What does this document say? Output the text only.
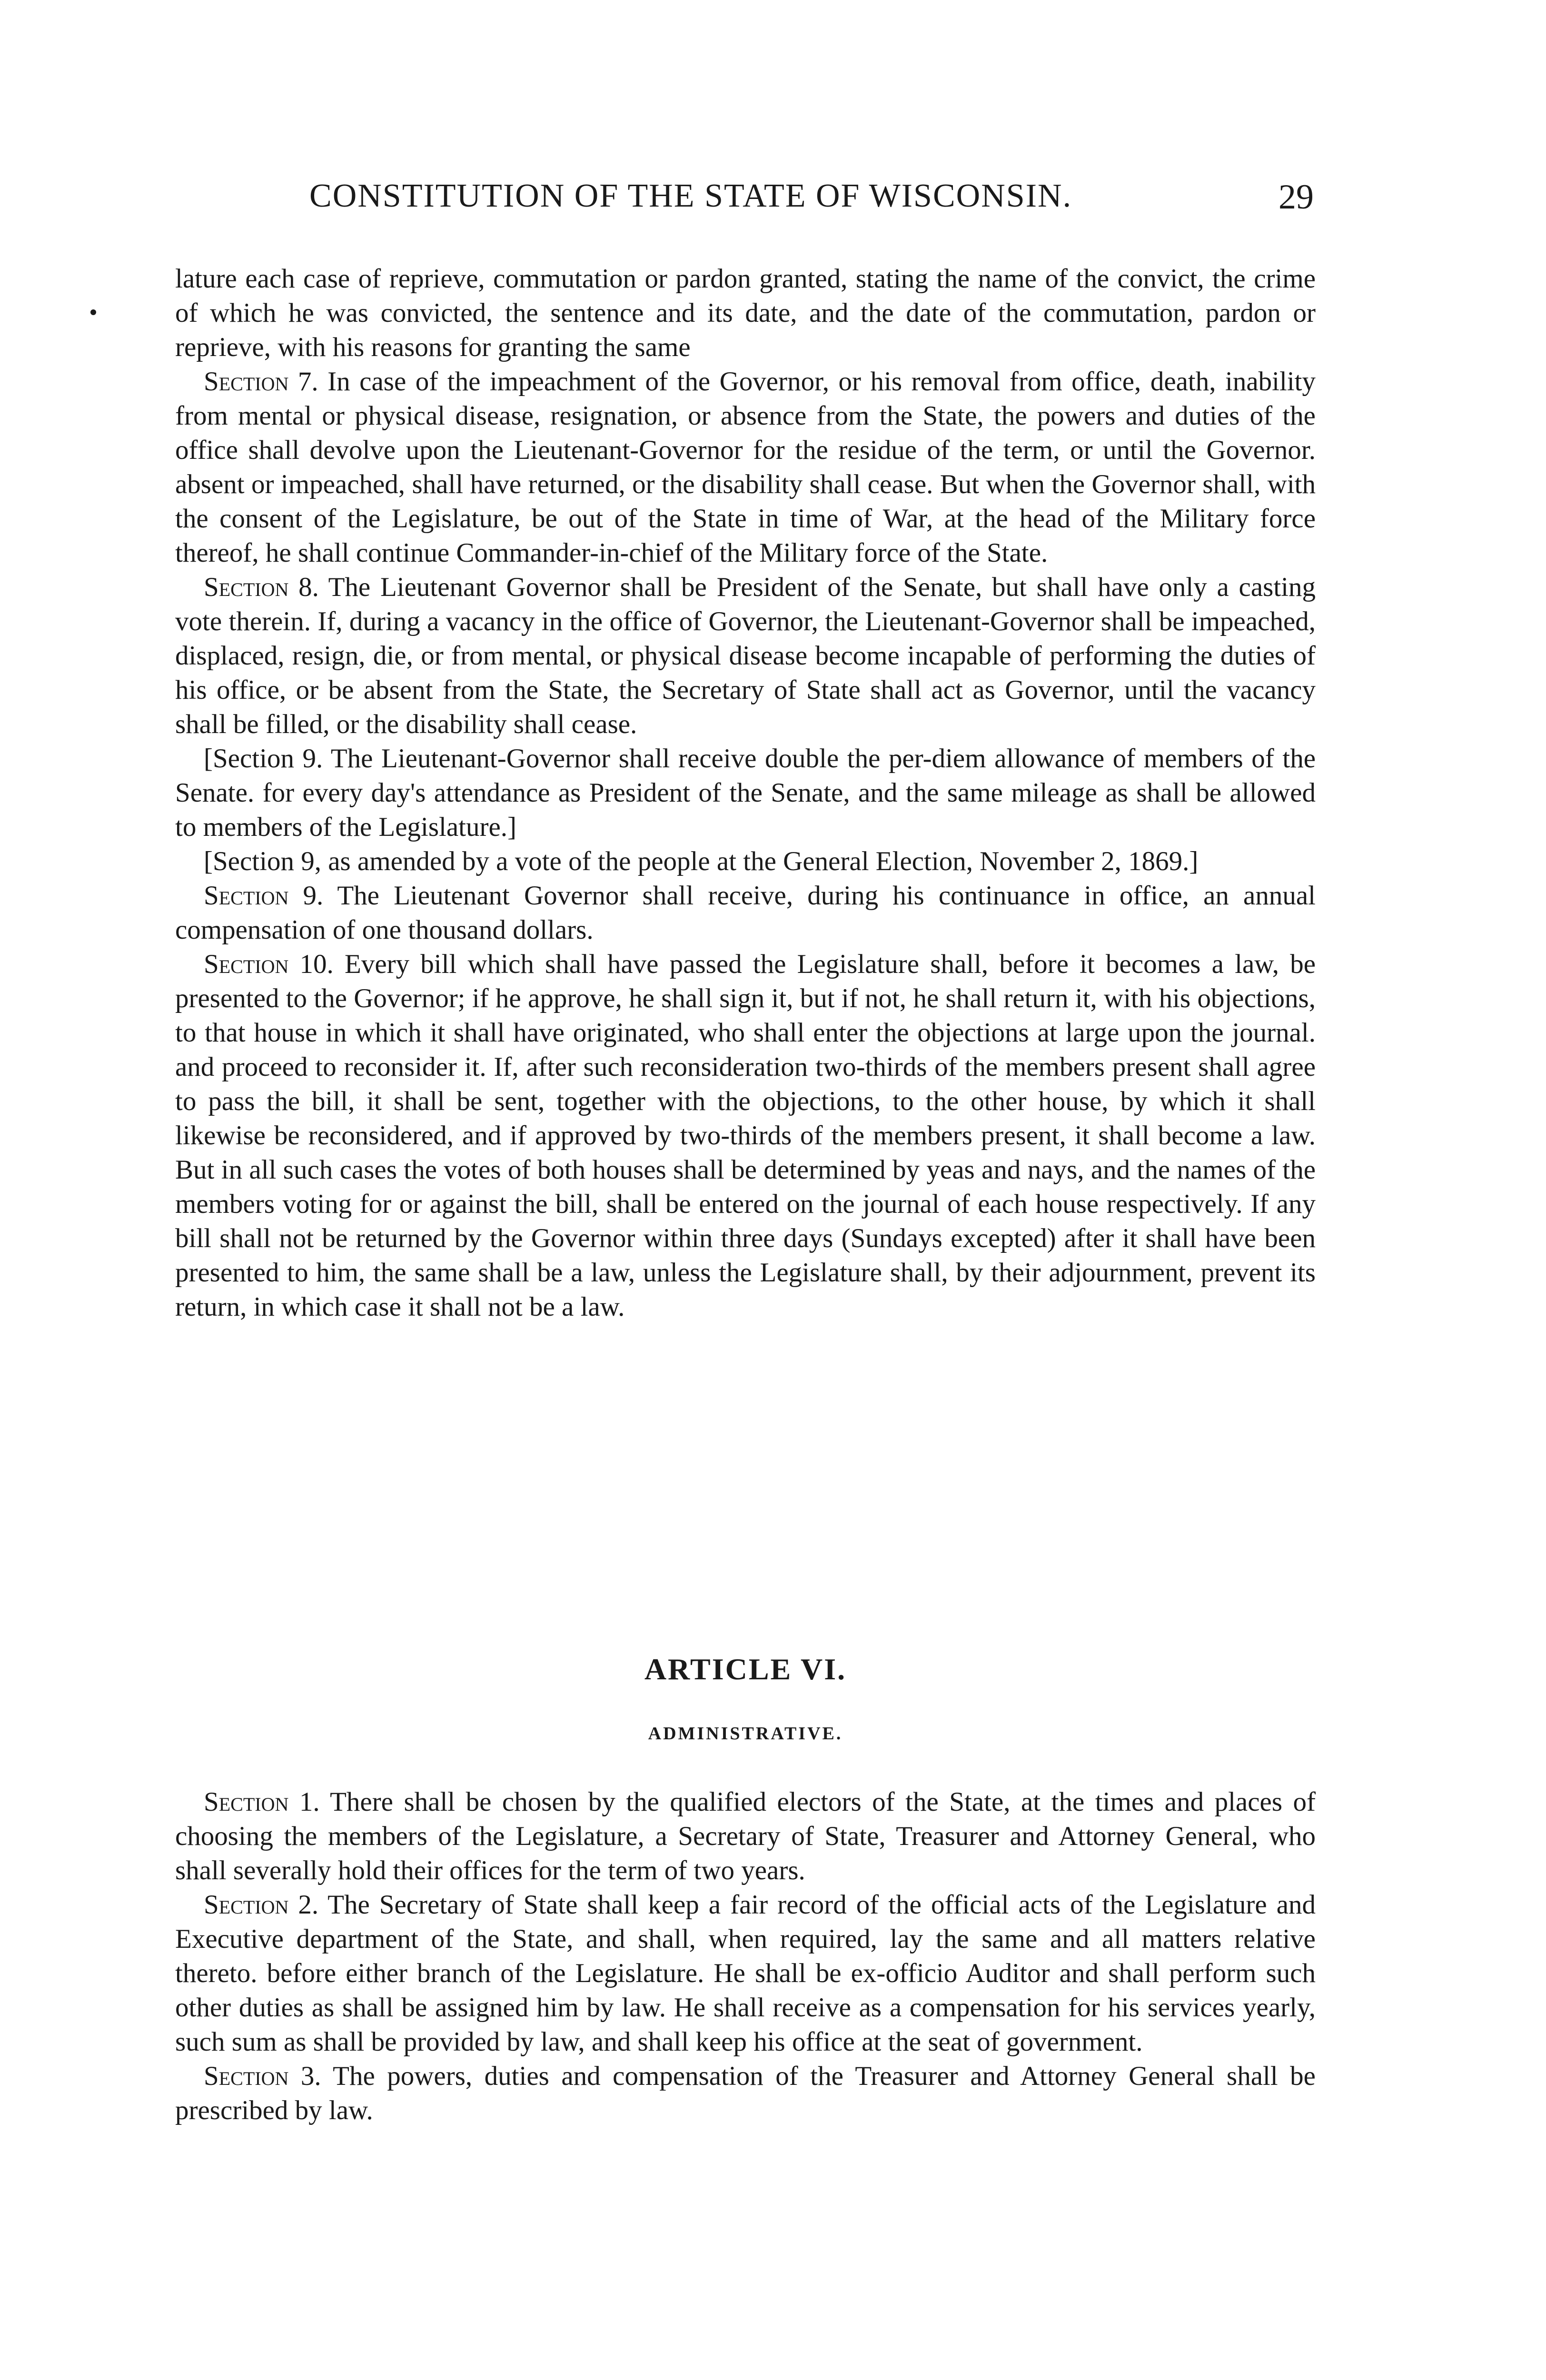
CONSTITUTION OF THE STATE OF WISCONSIN.	29

lature each case of reprieve, commutation or pardon granted, stating the name of the convict, the crime of which he was convicted, the sentence and its date, and the date of the commutation, pardon or reprieve, with his reasons for granting the same

Section 7. In case of the impeachment of the Governor, or his removal from office, death, inability from mental or physical disease, resignation, or absence from the State, the powers and duties of the office shall devolve upon the Lieutenant-Governor for the residue of the term, or until the Governor. absent or impeached, shall have returned, or the disability shall cease. But when the Governor shall, with the consent of the Legislature, be out of the State in time of War, at the head of the Military force thereof, he shall continue Commander-in-chief of the Military force of the State.

Section 8. The Lieutenant Governor shall be President of the Senate, but shall have only a casting vote therein. If, during a vacancy in the office of Governor, the Lieutenant-Governor shall be impeached, displaced, resign, die, or from mental, or physical disease become incapable of performing the duties of his office, or be absent from the State, the Secretary of State shall act as Governor, until the vacancy shall be filled, or the disability shall cease.

[Section 9. The Lieutenant-Governor shall receive double the per-diem allowance of members of the Senate. for every day's attendance as President of the Senate, and the same mileage as shall be allowed to members of the Legislature.]

[Section 9, as amended by a vote of the people at the General Election, November 2, 1869.]

Section 9. The Lieutenant Governor shall receive, during his continuance in office, an annual compensation of one thousand dollars.

Section 10. Every bill which shall have passed the Legislature shall, before it becomes a law, be presented to the Governor; if he approve, he shall sign it, but if not, he shall return it, with his objections, to that house in which it shall have originated, who shall enter the objections at large upon the journal. and proceed to reconsider it. If, after such reconsideration two-thirds of the members present shall agree to pass the bill, it shall be sent, together with the objections, to the other house, by which it shall likewise be reconsidered, and if approved by two-thirds of the members present, it shall become a law. But in all such cases the votes of both houses shall be determined by yeas and nays, and the names of the members voting for or against the bill, shall be entered on the journal of each house respectively. If any bill shall not be returned by the Governor within three days (Sundays excepted) after it shall have been presented to him, the same shall be a law, unless the Legislature shall, by their adjournment, prevent its return, in which case it shall not be a law.

ARTICLE VI.
ADMINISTRATIVE.

Section 1. There shall be chosen by the qualified electors of the State, at the times and places of choosing the members of the Legislature, a Secretary of State, Treasurer and Attorney General, who shall severally hold their offices for the term of two years.

Section 2. The Secretary of State shall keep a fair record of the official acts of the Legislature and Executive department of the State, and shall, when required, lay the same and all matters relative thereto. before either branch of the Legislature. He shall be ex-officio Auditor and shall perform such other duties as shall be assigned him by law. He shall receive as a compensation for his services yearly, such sum as shall be provided by law, and shall keep his office at the seat of government.

Section 3. The powers, duties and compensation of the Treasurer and Attorney General shall be prescribed by law.
